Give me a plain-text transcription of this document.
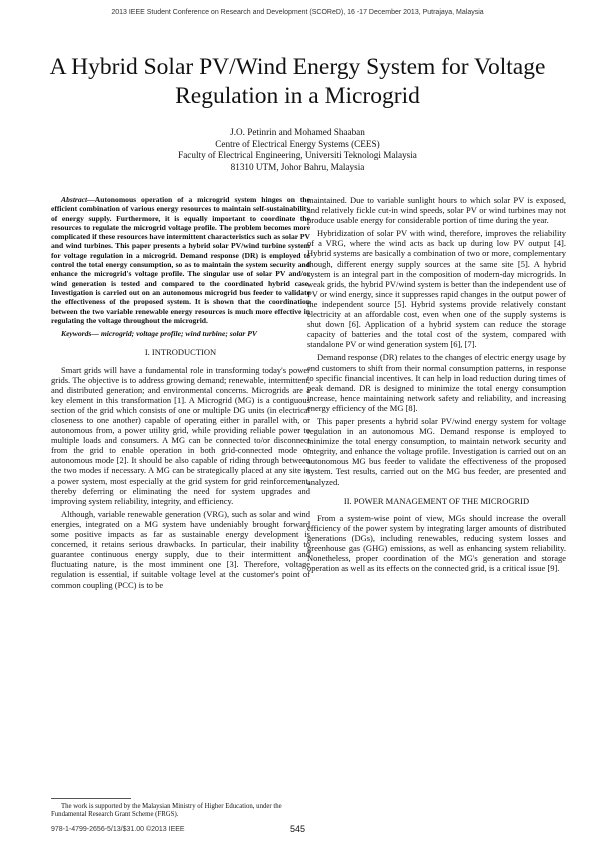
2013 IEEE Student Conference on Research and Development (SCOReD), 16 -17 December 2013, Putrajaya, Malaysia
A Hybrid Solar PV/Wind Energy System for Voltage Regulation in a Microgrid
J.O. Petinrin and Mohamed Shaaban
Centre of Electrical Energy Systems (CEES)
Faculty of Electrical Engineering, Universiti Teknologi Malaysia
81310 UTM, Johor Bahru, Malaysia

Abstract—Autonomous operation of a microgrid system hinges on the efficient combination of various energy resources to maintain self-sustainability of energy supply. Furthermore, it is equally important to coordinate the resources to regulate the microgrid voltage profile. The problem becomes more complicated if these resources have intermittent characteristics such as solar PV and wind turbines. This paper presents a hybrid solar PV/wind turbine system for voltage regulation in a microgrid. Demand response (DR) is employed to control the total energy consumption, so as to maintain the system security and enhance the microgrid's voltage profile. The singular use of solar PV and/or wind generation is tested and compared to the coordinated hybrid case. Investigation is carried out on an autonomous microgrid bus feeder to validate the effectiveness of the proposed system. It is shown that the coordination between the two variable renewable energy resources is much more effective in regulating the voltage throughout the microgrid.

Keywords— microgrid; voltage profile; wind turbine; solar PV

I. INTRODUCTION

Smart grids will have a fundamental role in transforming today's power grids. The objective is to address growing demand; renewable, intermittent, and distributed generation; and environmental concerns. Microgrids are a key element in this transformation [1]. A Microgrid (MG) is a contiguous section of the grid which consists of one or multiple DG units (in electrical closeness to one another) capable of operating either in parallel with, or autonomous from, a power utility grid, while providing reliable power to multiple loads and consumers. A MG can be connected to/or disconnect from the grid to enable operation in both grid-connected mode or autonomous mode [2]. It should be also capable of riding through between the two modes if necessary. A MG can be strategically placed at any site in a power system, most especially at the grid system for grid reinforcement, thereby deferring or eliminating the need for system upgrades and improving system reliability, integrity, and efficiency.

Although, variable renewable generation (VRG), such as solar and wind energies, integrated on a MG system have undeniably brought forward some positive impacts as far as sustainable energy development is concerned, it retains serious drawbacks. In particular, their inability to guarantee continuous energy supply, due to their intermittent and fluctuating nature, is the most imminent one [3]. Therefore, voltage regulation is essential, if suitable voltage level at the customer's point of common coupling (PCC) is to be

maintained. Due to variable sunlight hours to which solar PV is exposed, and relatively fickle cut-in wind speeds, solar PV or wind turbines may not produce usable energy for considerable portion of time during the year.

Hybridization of solar PV with wind, therefore, improves the reliability of a VRG, where the wind acts as back up during low PV output [4]. Hybrid systems are basically a combination of two or more, complementary though, different energy supply sources at the same site [5]. A hybrid system is an integral part in the composition of modern-day microgrids. In weak grids, the hybrid PV/wind system is better than the independent use of PV or wind energy, since it suppresses rapid changes in the output power of the independent source [5]. Hybrid systems provide relatively constant electricity at an affordable cost, even when one of the supply systems is shut down [6]. Application of a hybrid system can reduce the storage capacity of batteries and the total cost of the system, compared with standalone PV or wind generation system [6], [7].

Demand response (DR) relates to the changes of electric energy usage by end customers to shift from their normal consumption patterns, in response to specific financial incentives. It can help in load reduction during times of peak demand. DR is designed to minimize the total energy consumption increase, hence maintaining network safety and reliability, and increasing energy efficiency of the MG [8].

This paper presents a hybrid solar PV/wind energy system for voltage regulation in an autonomous MG. Demand response is employed to minimize the total energy consumption, to maintain network security and integrity, and enhance the voltage profile. Investigation is carried out on an autonomous MG bus feeder to validate the effectiveness of the proposed system. Test results, carried out on the MG bus feeder, are presented and analyzed.

II. POWER MANAGEMENT OF THE MICROGRID

From a system-wise point of view, MGs should increase the overall efficiency of the power system by integrating larger amounts of distributed generations (DGs), including renewables, reducing system losses and greenhouse gas (GHG) emissions, as well as enhancing system reliability. Nonetheless, proper coordination of the MG's generation and storage operation as well as its effects on the connected grid, is a critical issue [9].

The work is supported by the Malaysian Ministry of Higher Education, under the Fundamental Research Grant Scheme (FRGS).
978-1-4799-2656-5/13/$31.00 ©2013 IEEE	545
